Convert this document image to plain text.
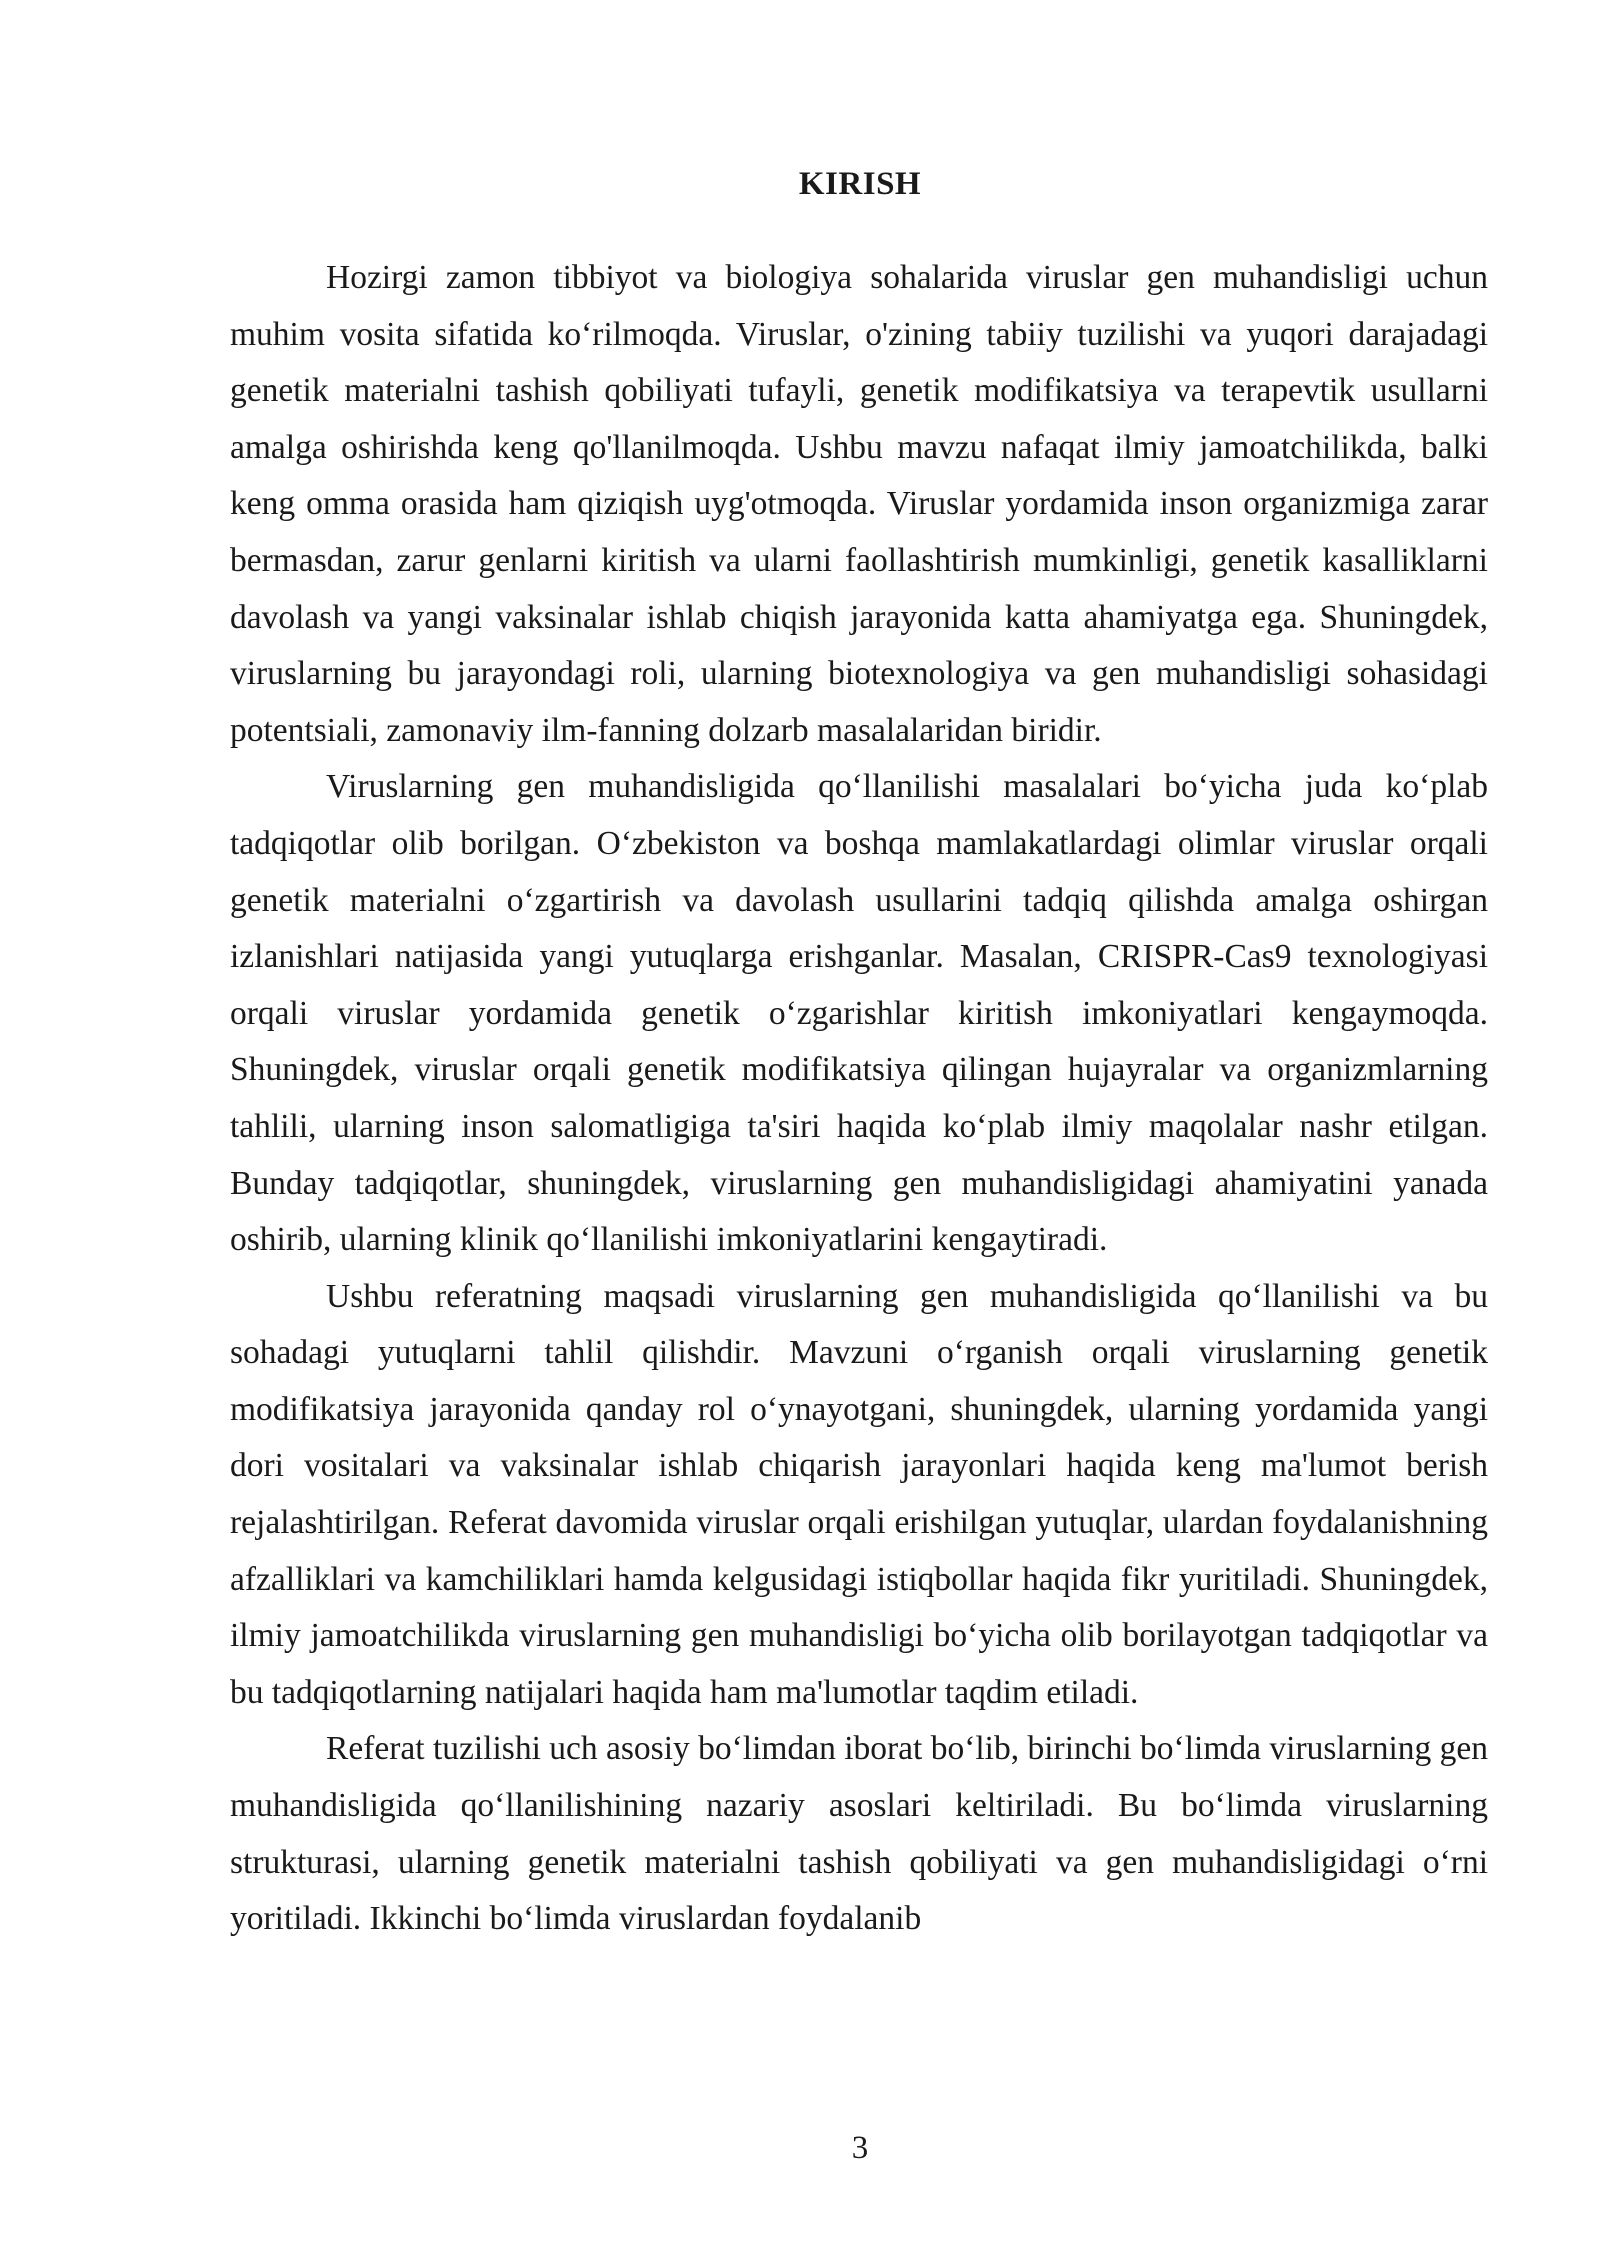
KIRISH

Hozirgi zamon tibbiyot va biologiya sohalarida viruslar gen muhandisligi uchun muhim vosita sifatida ko‘rilmoqda. Viruslar, o'zining tabiiy tuzilishi va yuqori darajadagi genetik materialni tashish qobiliyati tufayli, genetik modifikatsiya va terapevtik usullarni amalga oshirishda keng qo'llanilmoqda. Ushbu mavzu nafaqat ilmiy jamoatchilikda, balki keng omma orasida ham qiziqish uyg'otmoqda. Viruslar yordamida inson organizmiga zarar bermasdan, zarur genlarni kiritish va ularni faollashtirish mumkinligi, genetik kasalliklarni davolash va yangi vaksinalar ishlab chiqish jarayonida katta ahamiyatga ega. Shuningdek, viruslarning bu jarayondagi roli, ularning biotexnologiya va gen muhandisligi sohasidagi potentsiali, zamonaviy ilm-fanning dolzarb masalalaridan biridir.

Viruslarning gen muhandisligida qo‘llanilishi masalalari bo‘yicha juda ko‘plab tadqiqotlar olib borilgan. O‘zbekiston va boshqa mamlakatlardagi olimlar viruslar orqali genetik materialni o‘zgartirish va davolash usullarini tadqiq qilishda amalga oshirgan izlanishlari natijasida yangi yutuqlarga erishganlar. Masalan, CRISPR-Cas9 texnologiyasi orqali viruslar yordamida genetik o‘zgarishlar kiritish imkoniyatlari kengaymoqda. Shuningdek, viruslar orqali genetik modifikatsiya qilingan hujayralar va organizmlarning tahlili, ularning inson salomatligiga ta'siri haqida ko‘plab ilmiy maqolalar nashr etilgan. Bunday tadqiqotlar, shuningdek, viruslarning gen muhandisligidagi ahamiyatini yanada oshirib, ularning klinik qo‘llanilishi imkoniyatlarini kengaytiradi.

Ushbu referatning maqsadi viruslarning gen muhandisligida qo‘llanilishi va bu sohadagi yutuqlarni tahlil qilishdir. Mavzuni o‘rganish orqali viruslarning genetik modifikatsiya jarayonida qanday rol o‘ynayotgani, shuningdek, ularning yordamida yangi dori vositalari va vaksinalar ishlab chiqarish jarayonlari haqida keng ma'lumot berish rejalashtirilgan. Referat davomida viruslar orqali erishilgan yutuqlar, ulardan foydalanishning afzalliklari va kamchiliklari hamda kelgusidagi istiqbollar haqida fikr yuritiladi. Shuningdek, ilmiy jamoatchilikda viruslarning gen muhandisligi bo‘yicha olib borilayotgan tadqiqotlar va bu tadqiqotlarning natijalari haqida ham ma'lumotlar taqdim etiladi.

Referat tuzilishi uch asosiy bo‘limdan iborat bo‘lib, birinchi bo‘limda viruslarning gen muhandisligida qo‘llanilishining nazariy asoslari keltiriladi. Bu bo‘limda viruslarning strukturasi, ularning genetik materialni tashish qobiliyati va gen muhandisligidagi o‘rni yoritiladi. Ikkinchi bo‘limda viruslardan foydalanib

3
